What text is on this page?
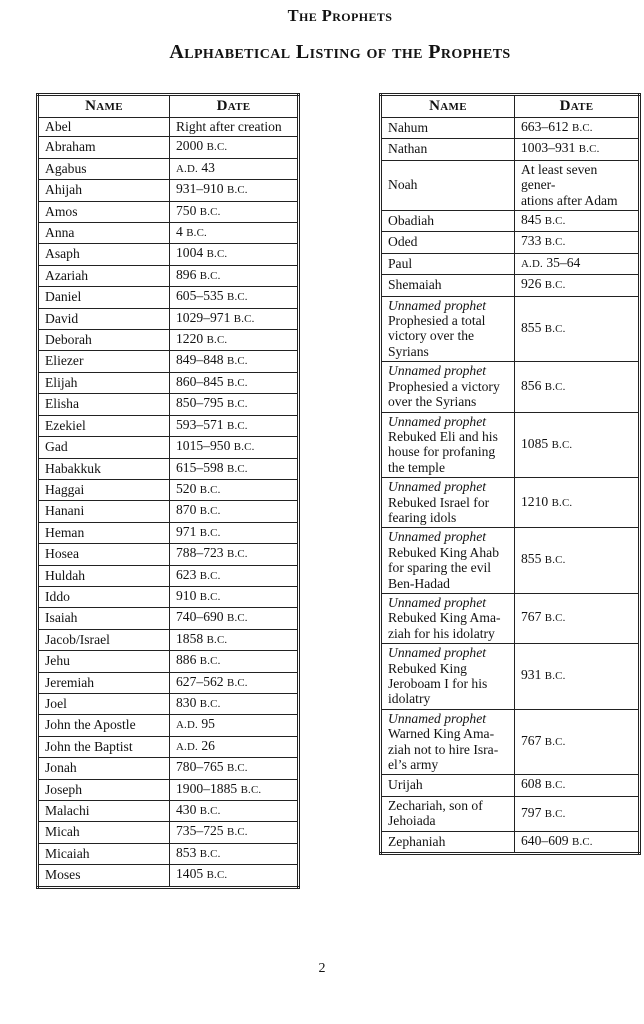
The Prophets
Alphabetical Listing of the Prophets
Name	Date
Abel	Right after creation
Abraham	2000 B.C.
Agabus	A.D. 43
Ahijah	931–910 B.C.
Amos	750 B.C.
Anna	4 B.C.
Asaph	1004 B.C.
Azariah	896 B.C.
Daniel	605–535 B.C.
David	1029–971 B.C.
Deborah	1220 B.C.
Eliezer	849–848 B.C.
Elijah	860–845 B.C.
Elisha	850–795 B.C.
Ezekiel	593–571 B.C.
Gad	1015–950 B.C.
Habakkuk	615–598 B.C.
Haggai	520 B.C.
Hanani	870 B.C.
Heman	971 B.C.
Hosea	788–723 B.C.
Huldah	623 B.C.
Iddo	910 B.C.
Isaiah	740–690 B.C.
Jacob/Israel	1858 B.C.
Jehu	886 B.C.
Jeremiah	627–562 B.C.
Joel	830 B.C.
John the Apostle	A.D. 95
John the Baptist	A.D. 26
Jonah	780–765 B.C.
Joseph	1900–1885 B.C.
Malachi	430 B.C.
Micah	735–725 B.C.
Micaiah	853 B.C.
Moses	1405 B.C.
Name	Date
Nahum	663–612 B.C.
Nathan	1003–931 B.C.
Noah	At least seven gener-
ations after Adam
Obadiah	845 B.C.
Oded	733 B.C.
Paul	A.D. 35–64
Shemaiah	926 B.C.
Unnamed prophet
Prophesied a total
victory over the
Syrians	855 B.C.
Unnamed prophet
Prophesied a victory
over the Syrians	856 B.C.
Unnamed prophet
Rebuked Eli and his
house for profaning
the temple	1085 B.C.
Unnamed prophet
Rebuked Israel for
fearing idols	1210 B.C.
Unnamed prophet
Rebuked King Ahab
for sparing the evil
Ben-Hadad	855 B.C.
Unnamed prophet
Rebuked King Ama-
ziah for his idolatry	767 B.C.
Unnamed prophet
Rebuked King
Jeroboam I for his
idolatry	931 B.C.
Unnamed prophet
Warned King Ama-
ziah not to hire Isra-
el’s army	767 B.C.
Urijah	608 B.C.
Zechariah, son of
Jehoiada	797 B.C.
Zephaniah	640–609 B.C.
2
